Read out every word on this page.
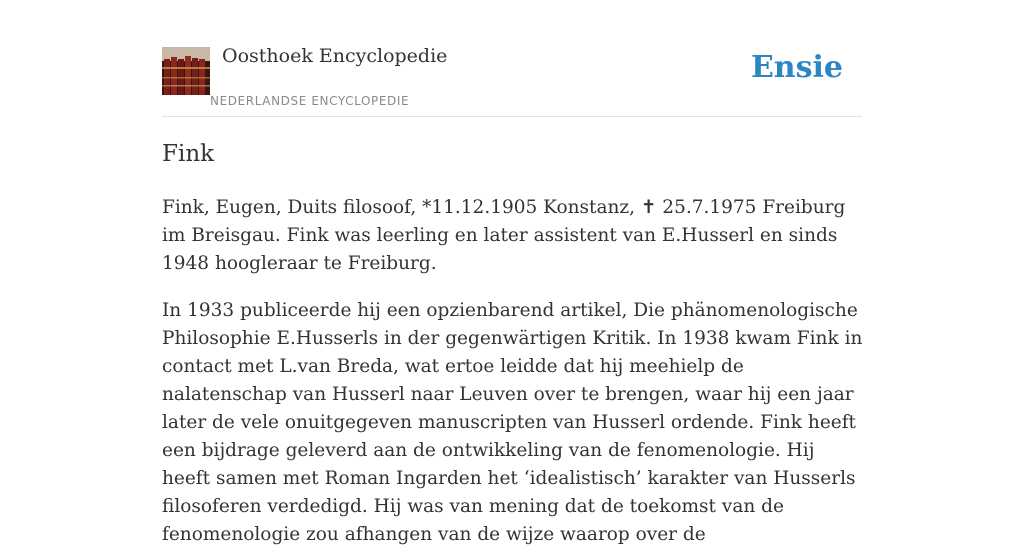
Oosthoek Encyclopedie
NEDERLANDSE ENCYCLOPEDIE
Ensie
Fink

Fink, Eugen, Duits filosoof, *11.12.1905 Konstanz, ✝ 25.7.1975 Freiburg im Breisgau. Fink was leerling en later assistent van E.Husserl en sinds 1948 hoogleraar te Freiburg.

In 1933 publiceerde hij een opzienbarend artikel, Die phänomenologische Philosophie E.Husserls in der gegenwärtigen Kritik. In 1938 kwam Fink in contact met L.van Breda, wat ertoe leidde dat hij meehielp de nalatenschap van Husserl naar Leuven over te brengen, waar hij een jaar later de vele onuitgegeven manuscripten van Husserl ordende. Fink heeft een bijdrage geleverd aan de ontwikkeling van de fenomenologie. Hij heeft samen met Roman Ingarden het ‘idealistisch’ karakter van Husserls filosoferen verdedigd. Hij was van mening dat de toekomst van de fenomenologie zou afhangen van de wijze waarop over de
